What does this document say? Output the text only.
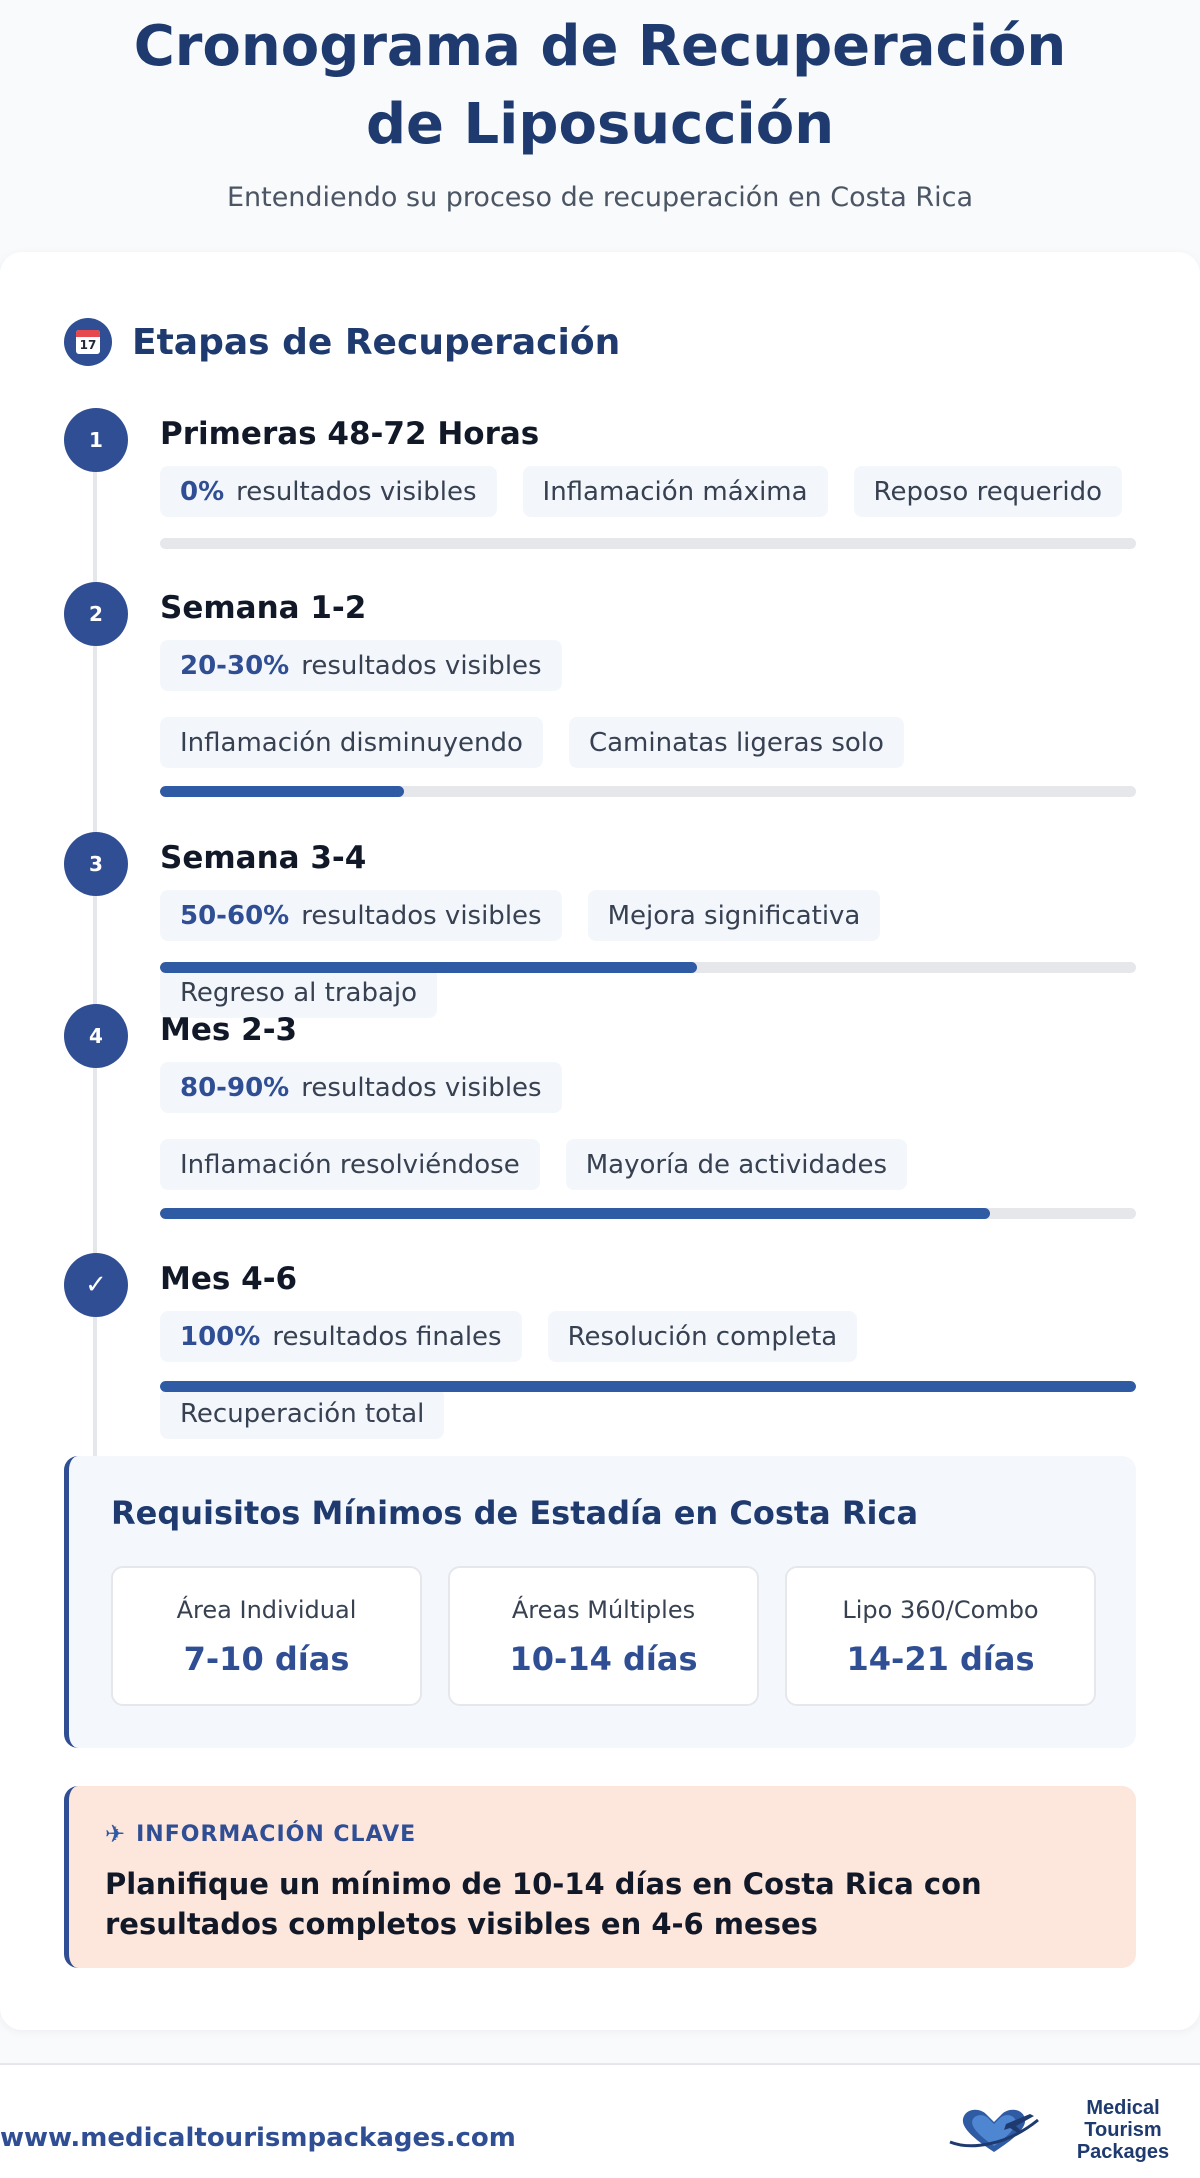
Cronograma de Recuperación de Liposucción

Entendiendo su proceso de recuperación en Costa Rica

17 Etapas de Recuperación
1	Primeras 48-72 Horas
0% resultados visibles	Inflamación máxima	Reposo requerido
2	Semana 1-2
20-30% resultados visibles
Inflamación disminuyendo	Caminatas ligeras solo
3	Semana 3-4
50-60% resultados visibles	Mejora significativa
Regreso al trabajo
4	Mes 2-3
80-90% resultados visibles
Inflamación resolviéndose	Mayoría de actividades
✓	Mes 4-6
100% resultados finales	Resolución completa
Recuperación total
Requisitos Mínimos de Estadía en Costa Rica
Área Individual
7-10 días
Áreas Múltiples
10-14 días
Lipo 360/Combo
14-21 días
✈ INFORMACIÓN CLAVE
Planifique un mínimo de 10-14 días en Costa Rica con resultados completos visibles en 4-6 meses
www.medicaltourismpackages.com
Medical Tourism
Packages
